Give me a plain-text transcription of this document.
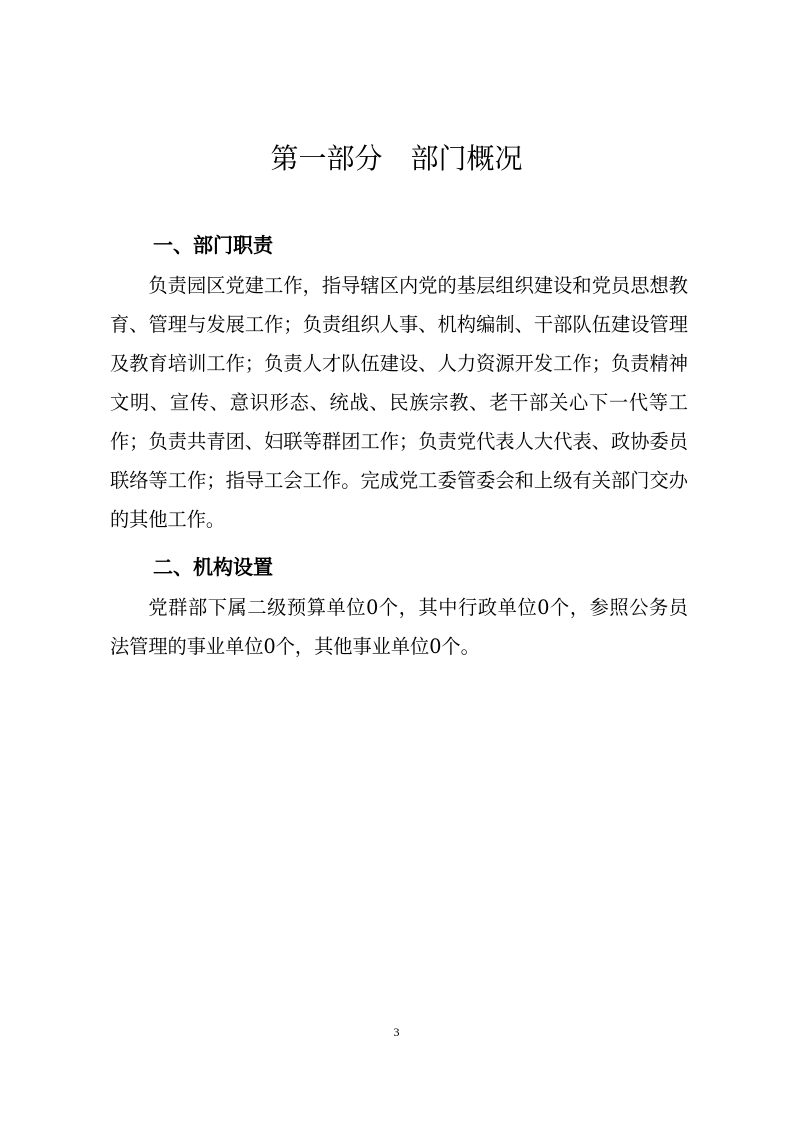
第一部分　部门概况
一、部门职责

负责园区党建工作，指导辖区内党的基层组织建设和党员思想教育、管理与发展工作；负责组织人事、机构编制、干部队伍建设管理及教育培训工作；负责人才队伍建设、人力资源开发工作；负责精神文明、宣传、意识形态、统战、民族宗教、老干部关心下一代等工作；负责共青团、妇联等群团工作；负责党代表人大代表、政协委员联络等工作；指导工会工作。完成党工委管委会和上级有关部门交办的其他工作。

二、机构设置

党群部下属二级预算单位0个，其中行政单位0个，参照公务员法管理的事业单位0个，其他事业单位0个。

3
